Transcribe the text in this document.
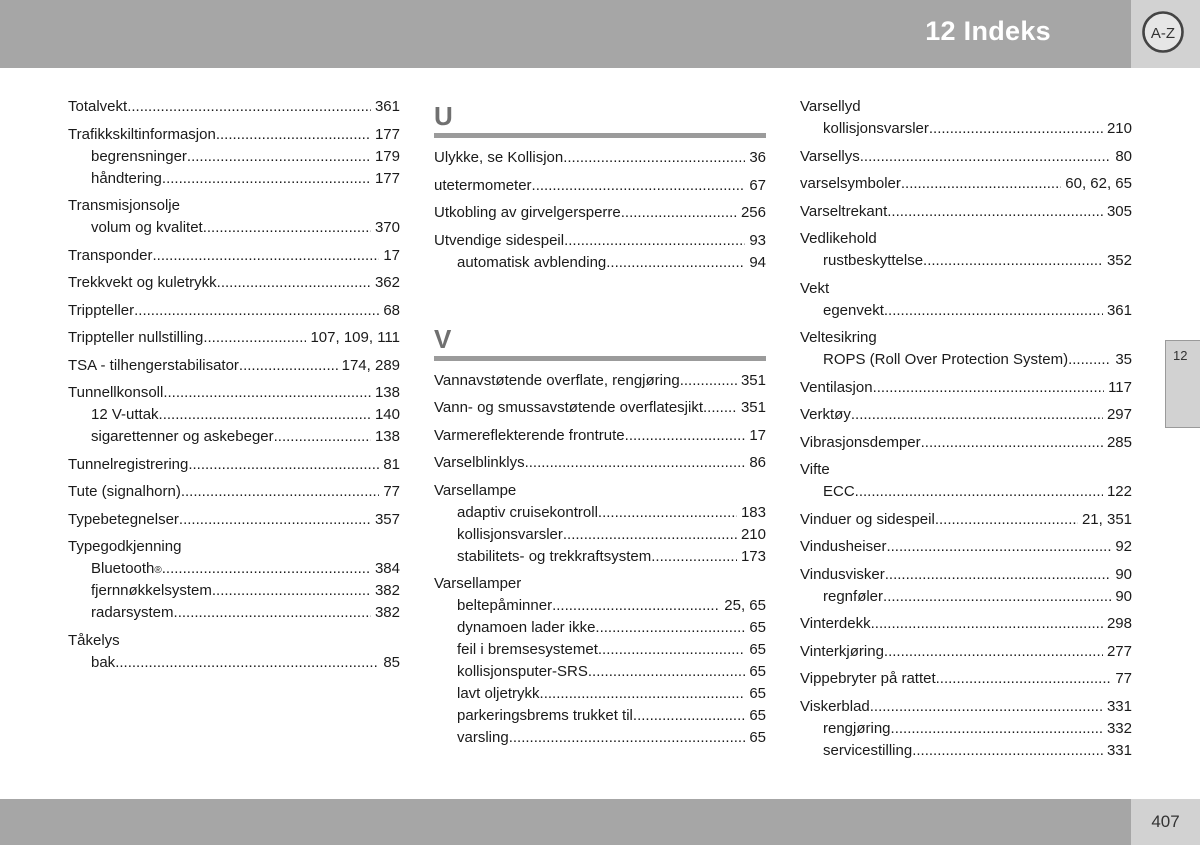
12 Indeks	A-Z
12
Totalvekt .....	361
Trafikkskiltinformasjon .....	177
begrensninger .....	179
håndtering .....	177
Transmisjonsolje
volum og kvalitet .....	370
Transponder .....	17
Trekkvekt og kuletrykk .....	362
Trippteller .....	68
Trippteller nullstilling .....	107, 109, 111
TSA - tilhengerstabilisator .....	174, 289
Tunnellkonsoll .....	138
12 V-uttak .....	140
sigarettenner og askebeger .....	138
Tunnelregistrering .....	81
Tute (signalhorn) .....	77
Typebetegnelser .....	357
Typegodkjenning
Bluetooth ® .....	384
fjernnøkkelsystem .....	382
radarsystem .....	382
Tåkelys
bak .....	85
U
Ulykke, se Kollisjon .....	36
utetermometer .....	67
Utkobling av girvelgersperre .....	256
Utvendige sidespeil .....	93
automatisk avblending .....	94
V
Vannavstøtende overflate, rengjøring .....	351
Vann- og smussavstøtende overflatesjikt .....	351
Varmereflekterende frontrute .....	17
Varselblinklys .....	86
Varsellampe
adaptiv cruisekontroll .....	183
kollisjonsvarsler .....	210
stabilitets- og trekkraftsystem .....	173
Varsellamper
beltepåminner .....	25, 65
dynamoen lader ikke .....	65
feil i bremsesystemet .....	65
kollisjonsputer-SRS .....	65
lavt oljetrykk .....	65
parkeringsbrems trukket til .....	65
varsling .....	65
Varsellyd
kollisjonsvarsler .....	210
Varsellys .....	80
varselsymboler .....	60, 62, 65
Varseltrekant .....	305
Vedlikehold
rustbeskyttelse .....	352
Vekt
egenvekt .....	361
Veltesikring
ROPS (Roll Over Protection System) .....	35
Ventilasjon .....	117
Verktøy .....	297
Vibrasjonsdemper .....	285
Vifte
ECC .....	122
Vinduer og sidespeil .....	21, 351
Vindusheiser .....	92
Vindusvisker .....	90
regnføler .....	90
Vinterdekk .....	298
Vinterkjøring .....	277
Vippebryter på rattet .....	77
Viskerblad .....	331
rengjøring .....	332
servicestilling .....	331
407
